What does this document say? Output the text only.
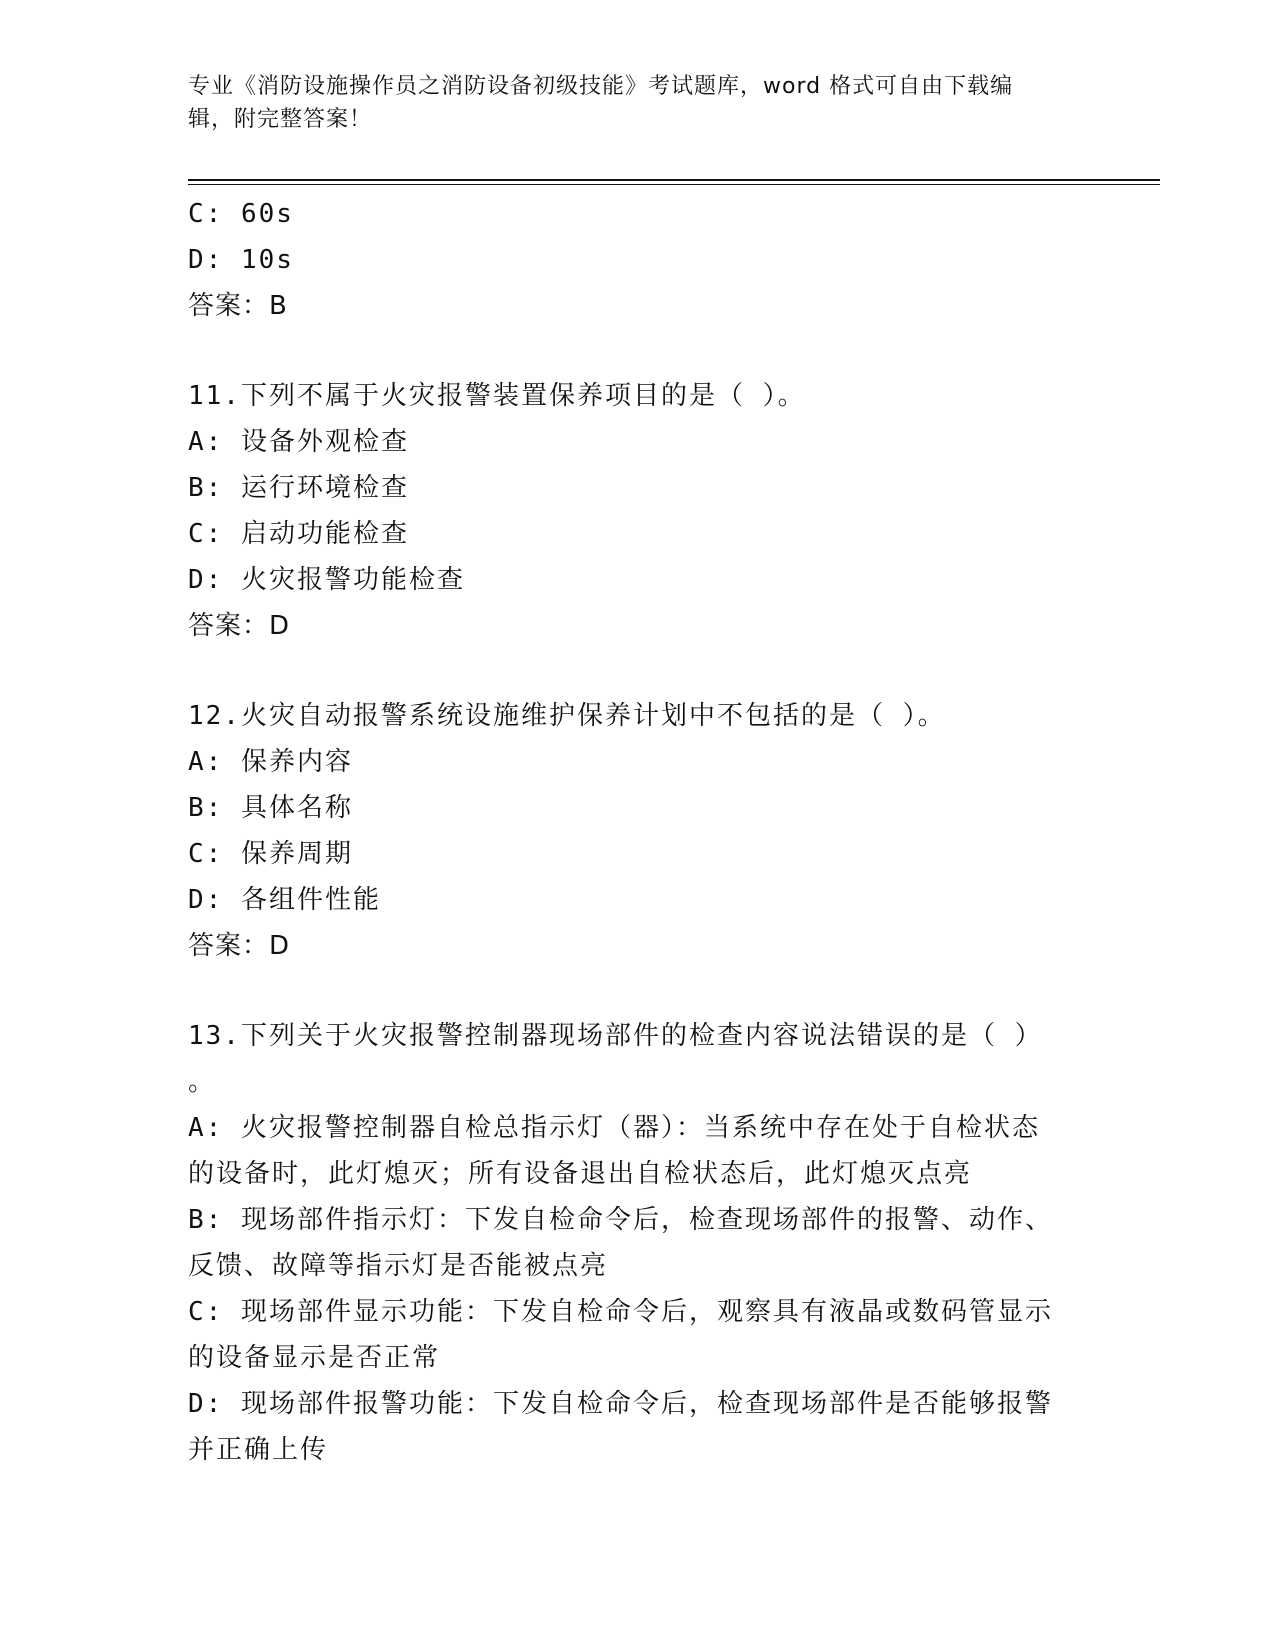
专业《消防设施操作员之消防设备初级技能》考试题库，word 格式可自由下载编
辑，附完整答案！
C: 60s
D: 10s
答案：B
11.下列不属于火灾报警装置保养项目的是（ ）。
A: 设备外观检查
B: 运行环境检查
C: 启动功能检查
D: 火灾报警功能检查
答案：D
12.火灾自动报警系统设施维护保养计划中不包括的是（ ）。
A: 保养内容
B: 具体名称
C: 保养周期
D: 各组件性能
答案：D
13.下列关于火灾报警控制器现场部件的检查内容说法错误的是（ ）
。
A: 火灾报警控制器自检总指示灯（器）：当系统中存在处于自检状态
的设备时，此灯熄灭；所有设备退出自检状态后，此灯熄灭点亮
B: 现场部件指示灯：下发自检命令后，检查现场部件的报警、动作、
反馈、故障等指示灯是否能被点亮
C: 现场部件显示功能：下发自检命令后，观察具有液晶或数码管显示
的设备显示是否正常
D: 现场部件报警功能：下发自检命令后，检查现场部件是否能够报警
并正确上传
